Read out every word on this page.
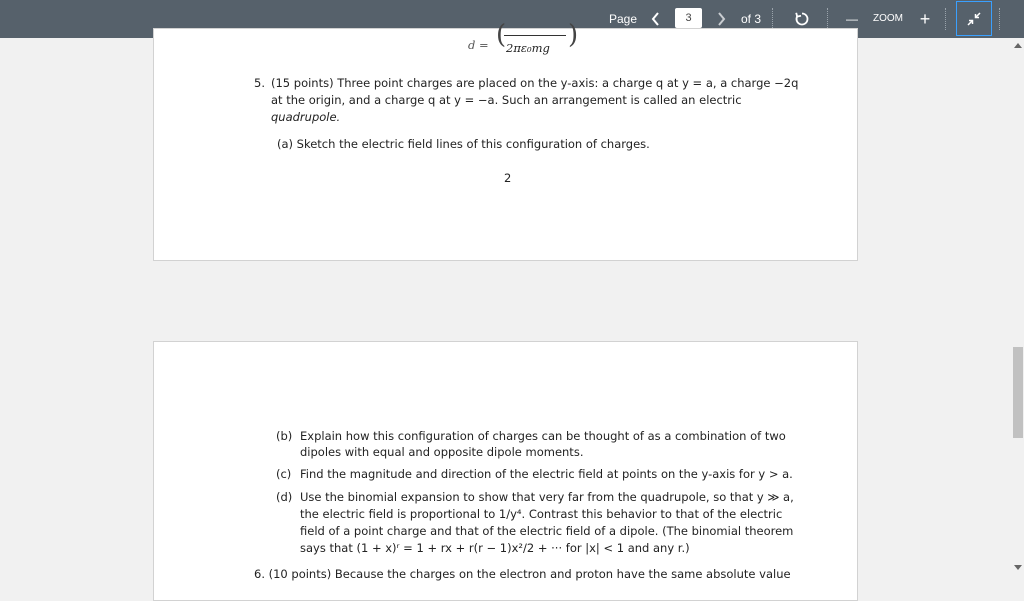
Page
3	of 3	— ZOOM +
d = ( 2πε₀mg )
5. (15 points) Three point charges are placed on the y-axis: a charge q at y = a, a charge −2q
at the origin, and a charge q at y = −a. Such an arrangement is called an electric
quadrupole.
(a) Sketch the electric field lines of this configuration of charges.
2
(b) Explain how this configuration of charges can be thought of as a combination of two
dipoles with equal and opposite dipole moments.
(c) Find the magnitude and direction of the electric field at points on the y-axis for y > a.
(d) Use the binomial expansion to show that very far from the quadrupole, so that y ≫ a,
the electric field is proportional to 1/y⁴. Contrast this behavior to that of the electric
field of a point charge and that of the electric field of a dipole. (The binomial theorem
says that (1 + x)ʳ = 1 + rx + r(r − 1)x²/2 + ··· for |x| < 1 and any r.)
6. (10 points) Because the charges on the electron and proton have the same absolute value
